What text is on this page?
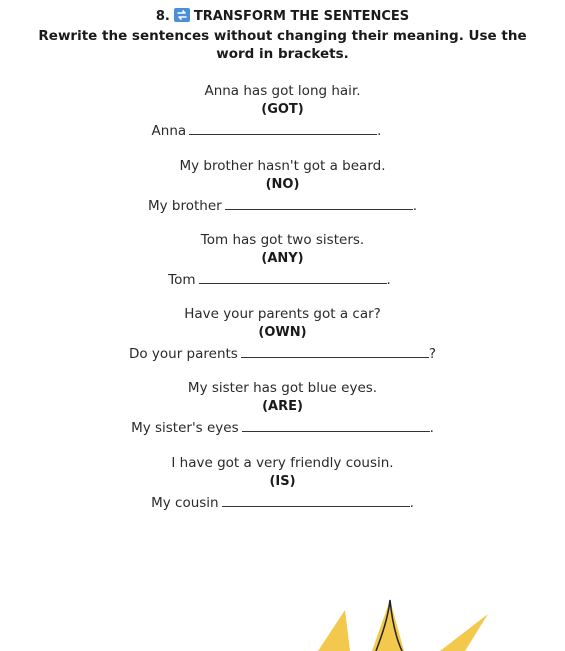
8. TRANSFORM THE SENTENCES
Rewrite the sentences without changing their meaning. Use the word in brackets.
Anna has got long hair.
(GOT)
Anna	.
My brother hasn't got a beard.
(NO)
My brother	.
Tom has got two sisters.
(ANY)
Tom	.
Have your parents got a car?
(OWN)
Do your parents	?
My sister has got blue eyes.
(ARE)
My sister's eyes	.
I have got a very friendly cousin.
(IS)
My cousin	.
